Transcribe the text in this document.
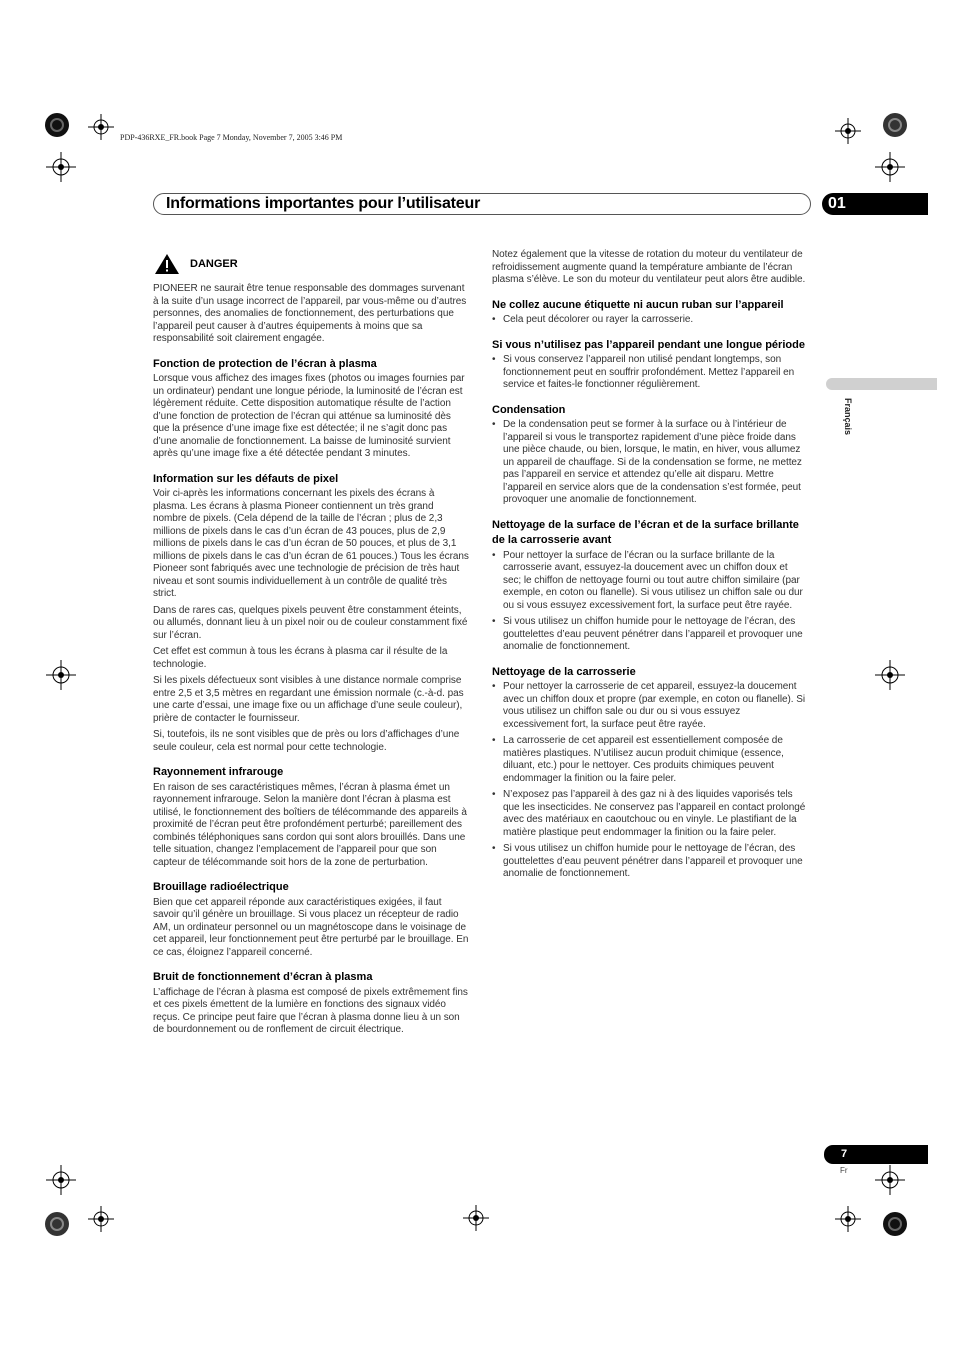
PDP-436RXE_FR.book Page 7 Monday, November 7, 2005 3:46 PM
Informations importantes pour l’utilisateur	01
Français
DANGER
PIONEER ne saurait être tenue responsable des dommages survenant à la suite d’un usage incorrect de l’appareil, par vous-même ou d’autres personnes, des anomalies de fonctionnement, des perturbations que l’appareil peut causer à d’autres équipements à moins que sa responsabilité soit clairement engagée.
Fonction de protection de l’écran à plasma
Lorsque vous affichez des images fixes (photos ou images fournies par un ordinateur) pendant une longue période, la luminosité de l’écran est légèrement réduite. Cette disposition automatique résulte de l’action d’une fonction de protection de l’écran qui atténue sa luminosité dès que la présence d’une image fixe est détectée; il ne s’agit donc pas d’une anomalie de fonctionnement. La baisse de luminosité survient après qu’une image fixe a été détectée pendant 3 minutes.
Information sur les défauts de pixel
Voir ci-après les informations concernant les pixels des écrans à plasma. Les écrans à plasma Pioneer contiennent un très grand nombre de pixels. (Cela dépend de la taille de l’écran ; plus de 2,3 millions de pixels dans le cas d’un écran de 43 pouces, plus de 2,9 millions de pixels dans le cas d’un écran de 50 pouces, et plus de 3,1 millions de pixels dans le cas d’un écran de 61 pouces.) Tous les écrans Pioneer sont fabriqués avec une technologie de précision de très haut niveau et sont soumis individuellement à un contrôle de qualité très strict.
Dans de rares cas, quelques pixels peuvent être constamment éteints, ou allumés, donnant lieu à un pixel noir ou de couleur constamment fixé sur l’écran.
Cet effet est commun à tous les écrans à plasma car il résulte de la technologie.
Si les pixels défectueux sont visibles à une distance normale comprise entre 2,5 et 3,5 mètres en regardant une émission normale (c.-à-d. pas une carte d’essai, une image fixe ou un affichage d’une seule couleur), prière de contacter le fournisseur.
Si, toutefois, ils ne sont visibles que de près ou lors d’affichages d’une seule couleur, cela est normal pour cette technologie.
Rayonnement infrarouge
En raison de ses caractéristiques mêmes, l’écran à plasma émet un rayonnement infrarouge. Selon la manière dont l’écran à plasma est utilisé, le fonctionnement des boîtiers de télécommande des appareils à proximité de l’écran peut être profondément perturbé; pareillement des combinés téléphoniques sans cordon qui sont alors brouillés. Dans une telle situation, changez l’emplacement de l’appareil pour que son capteur de télécommande soit hors de la zone de perturbation.
Brouillage radioélectrique
Bien que cet appareil réponde aux caractéristiques exigées, il faut savoir qu’il génère un brouillage. Si vous placez un récepteur de radio AM, un ordinateur personnel ou un magnétoscope dans le voisinage de cet appareil, leur fonctionnement peut être perturbé par le brouillage. En ce cas, éloignez l’appareil concerné.
Bruit de fonctionnement d’écran à plasma
L’affichage de l’écran à plasma est composé de pixels extrêmement fins et ces pixels émettent de la lumière en fonctions des signaux vidéo reçus. Ce principe peut faire que l’écran à plasma donne lieu à un son de bourdonnement ou de ronflement de circuit électrique.
Notez également que la vitesse de rotation du moteur du ventilateur de refroidissement augmente quand la température ambiante de l’écran plasma s’élève. Le son du moteur du ventilateur peut alors être audible.
Ne collez aucune étiquette ni aucun ruban sur l’appareil
• Cela peut décolorer ou rayer la carrosserie.
Si vous n’utilisez pas l’appareil pendant une longue période
• Si vous conservez l’appareil non utilisé pendant longtemps, son fonctionnement peut en souffrir profondément. Mettez l’appareil en service et faites-le fonctionner régulièrement.
Condensation
• De la condensation peut se former à la surface ou à l’intérieur de l’appareil si vous le transportez rapidement d’une pièce froide dans une pièce chaude, ou bien, lorsque, le matin, en hiver, vous allumez un appareil de chauffage. Si de la condensation se forme, ne mettez pas l’appareil en service et attendez qu’elle ait disparu. Mettre l’appareil en service alors que de la condensation s’est formée, peut provoquer une anomalie de fonctionnement.
Nettoyage de la surface de l’écran et de la surface brillante de la carrosserie avant
• Pour nettoyer la surface de l’écran ou la surface brillante de la carrosserie avant, essuyez-la doucement avec un chiffon doux et sec; le chiffon de nettoyage fourni ou tout autre chiffon similaire (par exemple, en coton ou flanelle). Si vous utilisez un chiffon sale ou dur ou si vous essuyez excessivement fort, la surface peut être rayée.
• Si vous utilisez un chiffon humide pour le nettoyage de l’écran, des gouttelettes d’eau peuvent pénétrer dans l’appareil et provoquer une anomalie de fonctionnement.
Nettoyage de la carrosserie
• Pour nettoyer la carrosserie de cet appareil, essuyez-la doucement avec un chiffon doux et propre (par exemple, en coton ou flanelle). Si vous utilisez un chiffon sale ou dur ou si vous essuyez excessivement fort, la surface peut être rayée.
• La carrosserie de cet appareil est essentiellement composée de matières plastiques. N’utilisez aucun produit chimique (essence, diluant, etc.) pour le nettoyer. Ces produits chimiques peuvent endommager la finition ou la faire peler.
• N’exposez pas l’appareil à des gaz ni à des liquides vaporisés tels que les insecticides. Ne conservez pas l’appareil en contact prolongé avec des matériaux en caoutchouc ou en vinyle. Le plastifiant de la matière plastique peut endommager la finition ou la faire peler.
• Si vous utilisez un chiffon humide pour le nettoyage de l’écran, des gouttelettes d’eau peuvent pénétrer dans l’appareil et provoquer une anomalie de fonctionnement.
7
Fr
